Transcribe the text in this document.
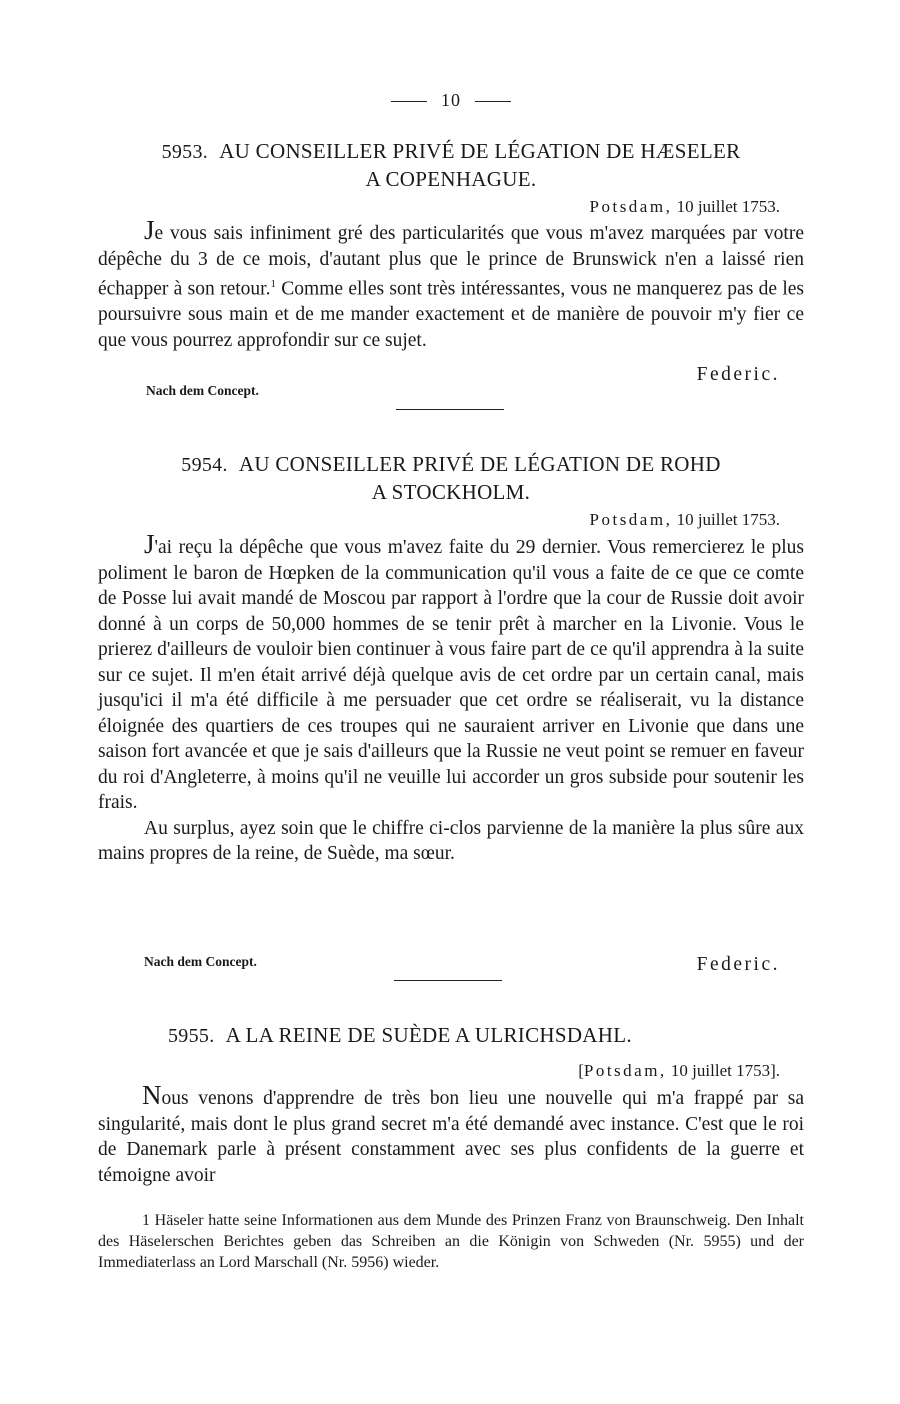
10
5953. AU CONSEILLER PRIVÉ DE LÉGATION DE HÆSELER
A COPENHAGUE.
Potsdam, 10 juillet 1753.

Je vous sais infiniment gré des particularités que vous m'avez marquées par votre dépêche du 3 de ce mois, d'autant plus que le prince de Brunswick n'en a laissé rien échapper à son retour.$^1$ Comme elles sont très intéressantes, vous ne manquerez pas de les poursuivre sous main et de me mander exactement et de manière de pouvoir m'y fier ce que vous pourrez approfondir sur ce sujet.

Nach dem Concept.
Federic.
5954. AU CONSEILLER PRIVÉ DE LÉGATION DE ROHD
A STOCKHOLM.
Potsdam, 10 juillet 1753.

J'ai reçu la dépêche que vous m'avez faite du 29 dernier. Vous remercierez le plus poliment le baron de Hœpken de la communication qu'il vous a faite de ce que ce comte de Posse lui avait mandé de Moscou par rapport à l'ordre que la cour de Russie doit avoir donné à un corps de 50,000 hommes de se tenir prêt à marcher en la Livonie. Vous le prierez d'ailleurs de vouloir bien continuer à vous faire part de ce qu'il apprendra à la suite sur ce sujet. Il m'en était arrivé déjà quelque avis de cet ordre par un certain canal, mais jusqu'ici il m'a été difficile à me persuader que cet ordre se réaliserait, vu la distance éloignée des quartiers de ces troupes qui ne sauraient arriver en Livonie que dans une saison fort avancée et que je sais d'ailleurs que la Russie ne veut point se remuer en faveur du roi d'Angleterre, à moins qu'il ne veuille lui accorder un gros subside pour soutenir les frais.

Au surplus, ayez soin que le chiffre ci-clos parvienne de la manière la plus sûre aux mains propres de la reine, de Suède, ma sœur.

Nach dem Concept.	Federic.
5955. A LA REINE DE SUÈDE A ULRICHSDAHL.
[Potsdam, 10 juillet 1753].

Nous venons d'apprendre de très bon lieu une nouvelle qui m'a frappé par sa singularité, mais dont le plus grand secret m'a été demandé avec instance. C'est que le roi de Danemark parle à présent constamment avec ses plus confidents de la guerre et témoigne avoir

1 Häseler hatte seine Informationen aus dem Munde des Prinzen Franz von Braunschweig. Den Inhalt des Häselerschen Berichtes geben das Schreiben an die Königin von Schweden (Nr. 5955) und der Immediaterlass an Lord Marschall (Nr. 5956) wieder.
